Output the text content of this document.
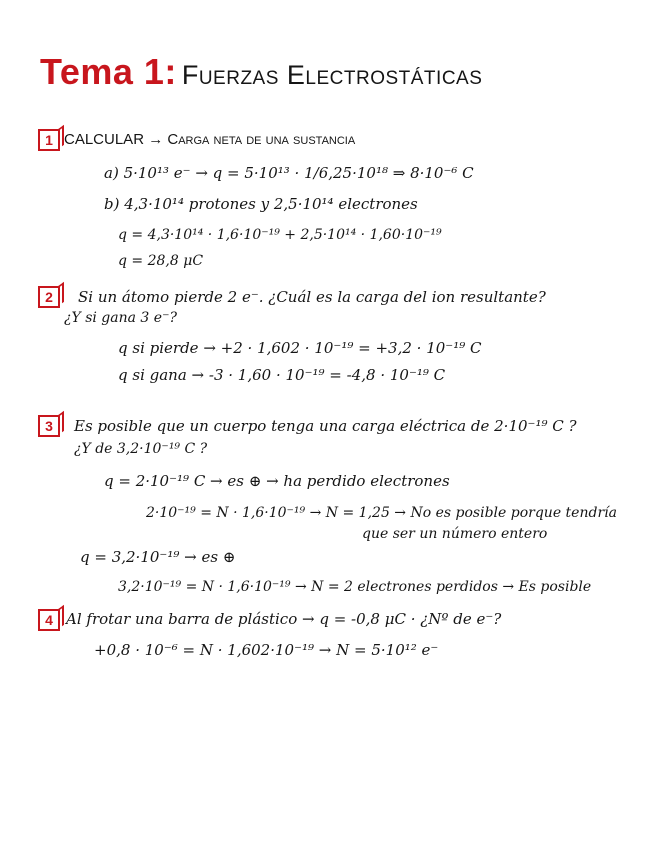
Tema 1: Fuerzas Electrostáticas
1 CALCULAR → Carga neta de una sustancia
a) 5·10¹³ e⁻ → q = 5·10¹³ · 1/6,25·10¹⁸ ⇒ 8·10⁻⁶ C
b) 4,3·10¹⁴ protones y 2,5·10¹⁴ electrones
q = 4,3·10¹⁴ · 1,6·10⁻¹⁹ + 2,5·10¹⁴ · 1,60·10⁻¹⁹
q = 28,8 μC
2	Si un átomo pierde 2 e⁻. ¿Cuál es la carga del ion resultante?
¿Y si gana 3 e⁻?
q si pierde → +2 · 1,602 · 10⁻¹⁹ = +3,2 · 10⁻¹⁹ C
q si gana → -3 · 1,60 · 10⁻¹⁹ = -4,8 · 10⁻¹⁹ C
3	Es posible que un cuerpo tenga una carga eléctrica de 2·10⁻¹⁹ C ?
¿Y de 3,2·10⁻¹⁹ C ?
q = 2·10⁻¹⁹ C → es ⊕ → ha perdido electrones
2·10⁻¹⁹ = N · 1,6·10⁻¹⁹ → N = 1,25 → No es posible porque tendría
que ser un número entero
q = 3,2·10⁻¹⁹ → es ⊕
3,2·10⁻¹⁹ = N · 1,6·10⁻¹⁹ → N = 2 electrones perdidos → Es posible
4 Al frotar una barra de plástico → q = -0,8 μC · ¿Nº de e⁻?
+0,8 · 10⁻⁶ = N · 1,602·10⁻¹⁹ → N = 5·10¹² e⁻
